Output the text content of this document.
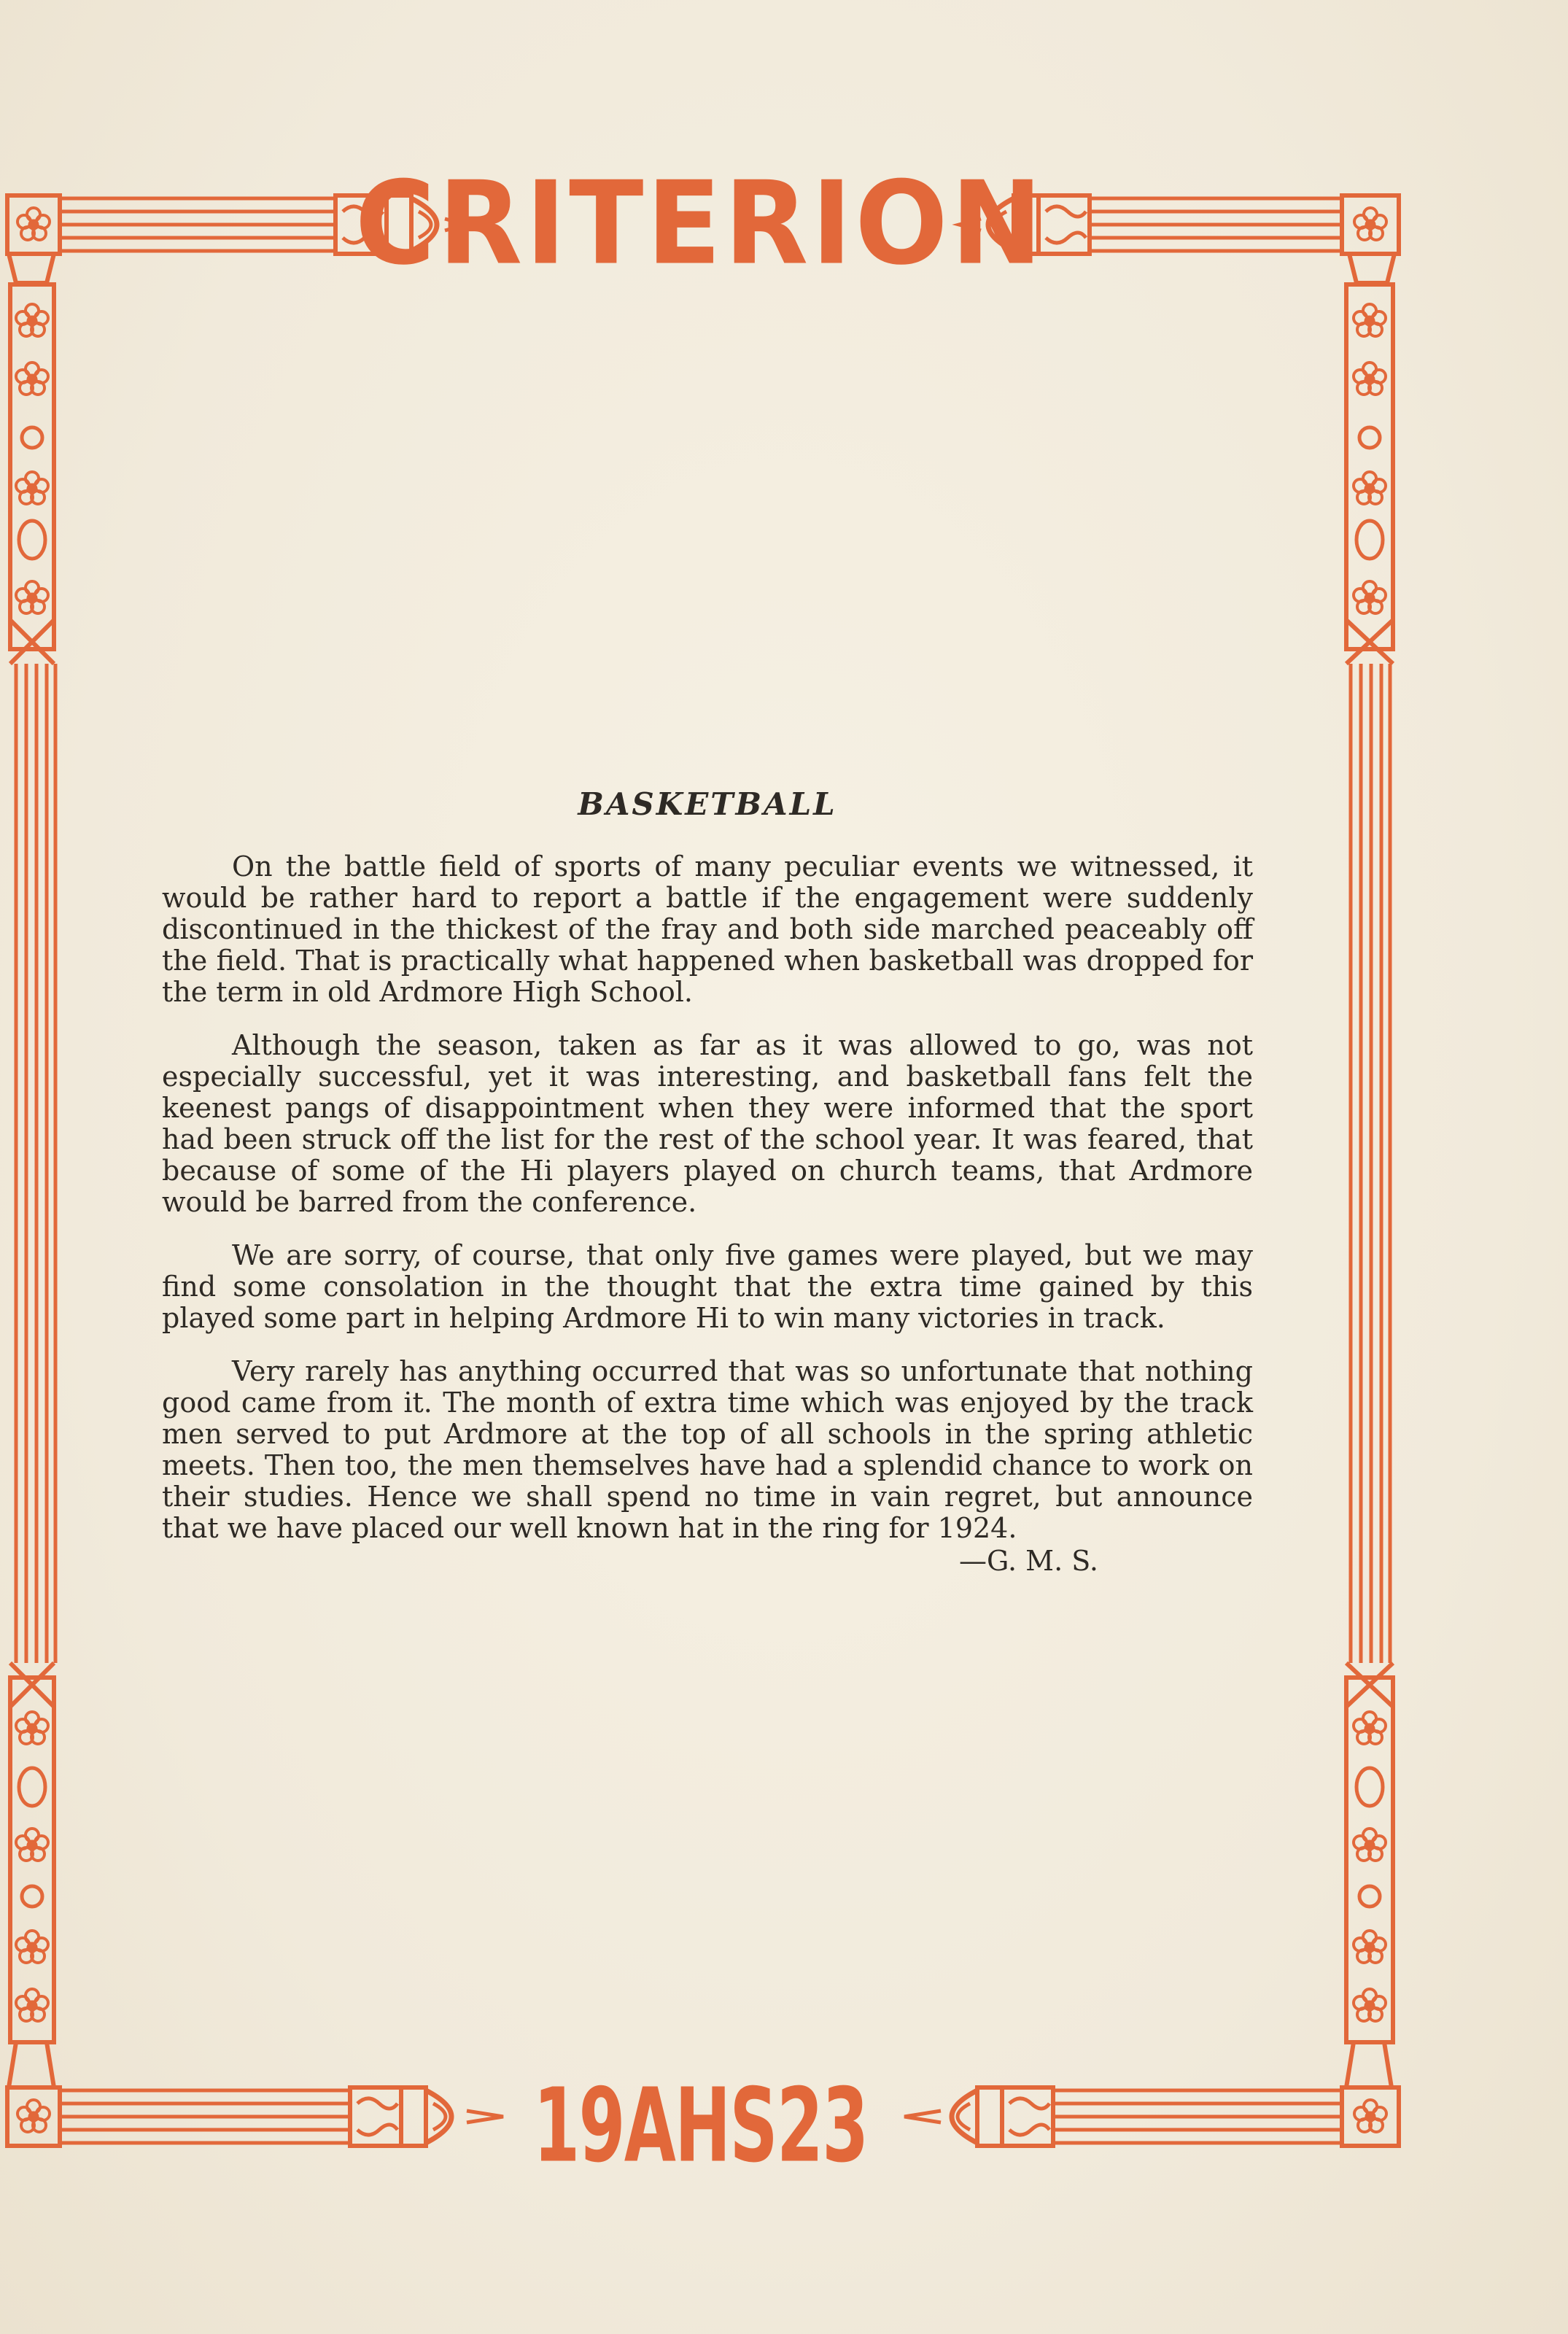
CRITERION
BASKETBALL

On the battle field of sports of many peculiar events we witnessed, it would be rather hard to report a battle if the engagement were suddenly discontinued in the thickest of the fray and both side marched peaceably off the field. That is practically what happened when basketball was dropped for the term in old Ardmore High School.

Although the season, taken as far as it was allowed to go, was not especially successful, yet it was interesting, and basketball fans felt the keenest pangs of disappointment when they were informed that the sport had been struck off the list for the rest of the school year. It was feared, that because of some of the Hi players played on church teams, that Ardmore would be barred from the conference.

We are sorry, of course, that only five games were played, but we may find some consolation in the thought that the extra time gained by this played some part in helping Ardmore Hi to win many victories in track.

Very rarely has anything occurred that was so unfortunate that nothing good came from it. The month of extra time which was enjoyed by the track men served to put Ardmore at the top of all schools in the spring athletic meets. Then too, the men themselves have had a splendid chance to work on their studies. Hence we shall spend no time in vain regret, but announce that we have placed our well known hat in the ring for 1924.

—G. M. S.
19AHS23
